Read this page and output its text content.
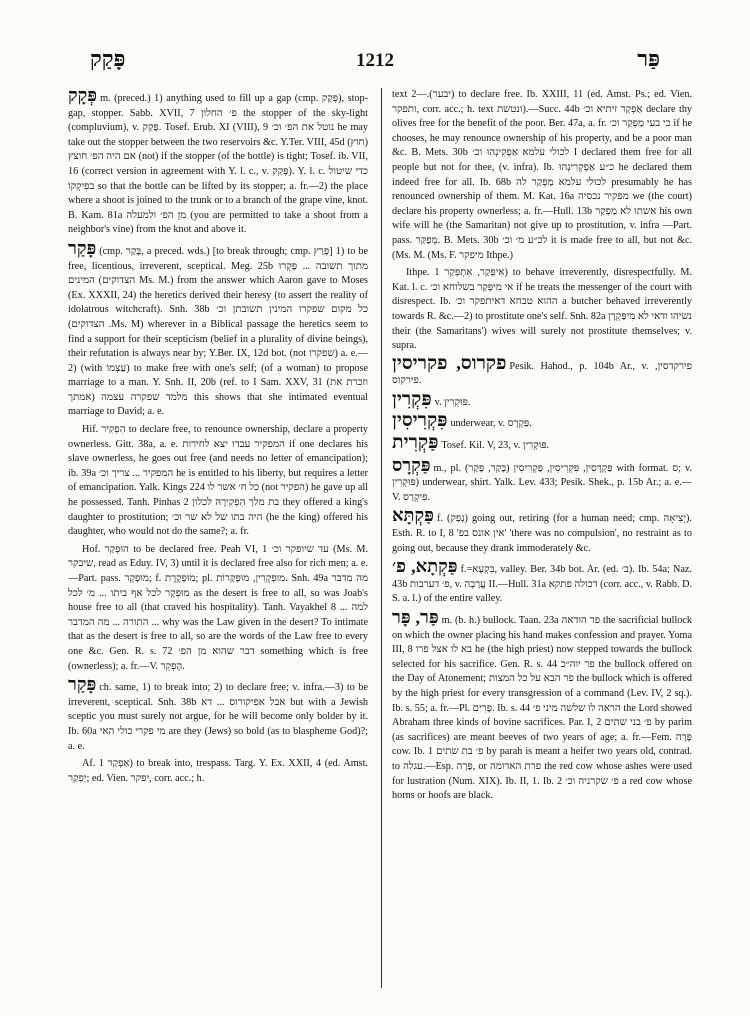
פָּקַק	1212	פַּר

פְּקָק m. (preced.) 1) anything used to fill up a gap (cmp. פְּקַק), stop-gap, stopper. Sabb. XVII, 7 פ׳ החלון the stopper of the sky-light (compluvium), v. פָּקַק. Tosef. Erub. XI (VIII), 9 נוטל את הפ׳ וכ׳ he may take out the stopper between the two reservoirs &c. Y.Ter. VIII, 45d (חוץ) אם היה הפ׳ חוצץ (not) if the stopper (of the bottle) is tight; Tosef. ib. VII, 16 (correct version in agreement with Y. l. c., v. פָּקַק). Y. l. c. כדי שיטול בפִיקְקוֹ so that the bottle can be lifted by its stopper; a. fr.—2) the place where a shoot is joined to the trunk or to a branch of the grape vine, knot. B. Kam. 81a מן הפ׳ ולמעלה (you are permitted to take a shoot from a neighbor's vine) from the knot and above it.

פָּקַר (cmp. בָּקַר, a preced. wds.) [to break through; cmp. פָּרַץ] 1) to be free, licentious, irreverent, sceptical. Meg. 25b מתוך תשובה ... פָּקְרוּ המינים (הצדוקים Ms. M.) from the answer which Aaron gave to Moses (Ex. XXXII, 24) the heretics derived their heresy (to assert the reality of idolatrous witchcraft). Snh. 38b כל מקום שפקרו המינין תשובתן וכ׳ (הצדוקים .Ms. M) wherever in a Biblical passage the heretics seem to find a support for their scepticism (belief in a plurality of divine beings), their refutation is always near by; Y.Ber. IX, 12d bot. (not שפקרו) a. e.—2) (with עַצְמוֹ) to make free with one's self; (of a woman) to propose marriage to a man. Y. Snh. II, 20b (ref. to I Sam. XXV, 31 (וזכרת את אמתך) מלמד שפקרה עצמה this shows that she intimated eventual marriage to David; a. e.

Hif. הִפְקִיר to declare free, to renounce ownership, declare a property ownerless. Gitt. 38a, a. e. המפקיר עבדו יצא לחירות if one declares his slave ownerless, he goes out free (and needs no letter of emancipation); ib. 39a המפקיר ... צריך וכ׳ he is entitled to his liberty, but requires a letter of emancipation. Yalk. Kings 224 כל ח׳ אשר לו (not הפקיר) he gave up all he possessed. Tanh. Pinhas 2 בת מלך הִפְקִירָהּ לכלון they offered a king's daughter to prostitution; היה בתו של לא שר וכ׳ (he the king) offered his daughter, who would not do the same?; a. fr.

Hof. הוּפְקַר to be declared free. Peah VI, 1 עד שיופקר וכ׳ (Ms. M. שיבקר, read as Eduy. IV, 3) until it is declared free also for rich men; a. e.—Part. pass. מוּפְקָר; f. מוּפְקֶרֶת; pl. מוּפְקָרִין, מוּפְקָרוֹת. Snh. 49a מה מדבר מוּפְקָר לכל אף ביתו ... מ׳ לכל as the desert is free to all, so was Joab's house free to all (that craved his hospitality). Tanh. Vayakhel 8 למה ... התורה ... מה המדבר ... why was the Law given in the desert? To intimate that as the desert is free to all, so are the words of the Law free to every one &c. Gen. R. s. 72 דבר שהוא מן הפ׳ something which is free (ownerless); a. fr.—V. הֶפְקֵר.

פָּקַר ch. same, 1) to break into; 2) to declare free; v. infra.—3) to be irreverent, sceptical. Snh. 38b אבל אפיקורוס ... דא but with a Jewish sceptic you must surely not argue, for he will become only bolder by it. Ib. 60a מי פקרי כולי האי are they (Jews) so bold (as to blaspheme God)?; a. e.

Af. אַפְקַר 1) to break into, trespass. Targ. Y. Ex. XXII, 4 (ed. Amst. יַפְקַר; ed. Vien. יפקר, corr. acc.; h.

text יבער).—2) to declare free. Ib. XXIII, 11 (ed. Amst. Ps.; ed. Vien. ותפקר, corr. acc.; h. text ונטשת).—Succ. 44b אַפְקַר זיתיא וכ׳ declare thy olives free for the benefit of the poor. Ber. 47a, a. fr. כי בעי מַפְקַר וכ׳ if he chooses, he may renounce ownership of his property, and be a poor man &c. B. Mets. 30b לכולי עלמא אַפְקִינְהוּ וכ׳ I declared them free for all people but not for thee, (v. infra). Ib. כ״ע אַפְקְרִינְהוּ he declared them indeed free for all. Ib. 68b לכולי עלמא מַפְקַר לה presumably he has renounced ownership of them. M. Kat. 16a מפקיר נכסיה we (the court) declare his property ownerless; a. fr.—Hull. 13b אשתו לא מַפְקַר his own wife will he (the Samaritan) not give up to prostitution, v. infra —Part. pass. מְפַקַּר. B. Mets. 30b לכ״ע מ׳ וכ׳ it is made free to all, but not &c. (Ms. M. (Ms. F. מיפקר Ithpe.)

Ithpe. אִיפְּקַר, אִתְפְּקַר 1) to behave irreverently, disrespectfully. M. Kat. l. c. אי מִיפְּקַר בשלוחא וכ׳ if he treats the messenger of the court with disrespect. Ib. ההוא טבחא דאיתפקר וכ׳ a butcher behaved irreverently towards R. &c.—2) to prostitute one's self. Snh. 82a נשיהו ודאי לא מִיפַּקְרָן their (the Samaritans') wives will surely not prostitute themselves; v. supra.

פקרוס, פקריסין Pesik. Hahod., p. 104b Ar., v. פירקדסין, פירקוס.

פִּקְרִין v. פּוּקְרִין.

פִּקְרִיסִין underwear, v. פַּקְרָס.

פַּקְרִית Tosef. Kil. V, 23, v. פּוּקְרִין.

פַּקְרָס m., pl. פַּקְרָסִין, פִּקְרִיסִין, פַּקְרִיסִין (בָּקַר, פָּקַר) with format. ס; v. פּוּקְרִין) underwear, shirt. Yalk. Lev. 433; Pesik. Shek., p. 15b Ar.; a. e.—V. פִּיקְרַס.

פַּקְתָּא f. (נְפַק) going out, retiring (for a human need; cmp. יְצִיאָה). Esth. R. to I, 8 'אין אונס בפ' 'there was no compulsion', no restraint as to going out, because they drank immoderately &c.

פַּקְתָא, פ׳ f.=בִּקְעָא, valley. Ber. 34b bot. Ar. (ed. ב׳). Ib. 54a; Naz. 43b פ׳ דערבות, v. עֲרָבָה II.—Hull. 31a דכולה פתקא (corr. acc., v. Rabb. D. S. a. l.) of the entire valley.

פַּר, פָּר m. (b. h.) bullock. Taan. 23a פר הודאה the sacrificial bullock on which the owner placing his hand makes confession and prayer. Yoma III, 8 בא לו אצל פרו he (the high priest) now stepped towards the bullock selected for his sacrifice. Gen. R. s. 44 פר יוה״כ the bullock offered on the Day of Atonement; פר הבא על כל המצות the bullock which is offered by the high priest for every transgression of a command (Lev. IV, 2 sq.). Ib. s. 55; a. fr.—Pl. פָּרִים. Ib. s. 44 הראה לו שלשה מיני פ׳ the Lord showed Abraham three kinds of bovine sacrifices. Par. I, 2 פ׳ בני שתים by parim (as sacrifices) are meant beeves of two years of age; a. fr.—Fem. פָּרָה cow. Ib. 1 פ׳ בת שתים by parah is meant a heifer two years old, contrad. to עגלה.—Esp. פָּרָה, or פרת האדומה the red cow whose ashes were used for lustration (Num. XIX). Ib. II, 1. Ib. 2 פ׳ שקרניה וכ׳ a red cow whose horns or hoofs are black.
